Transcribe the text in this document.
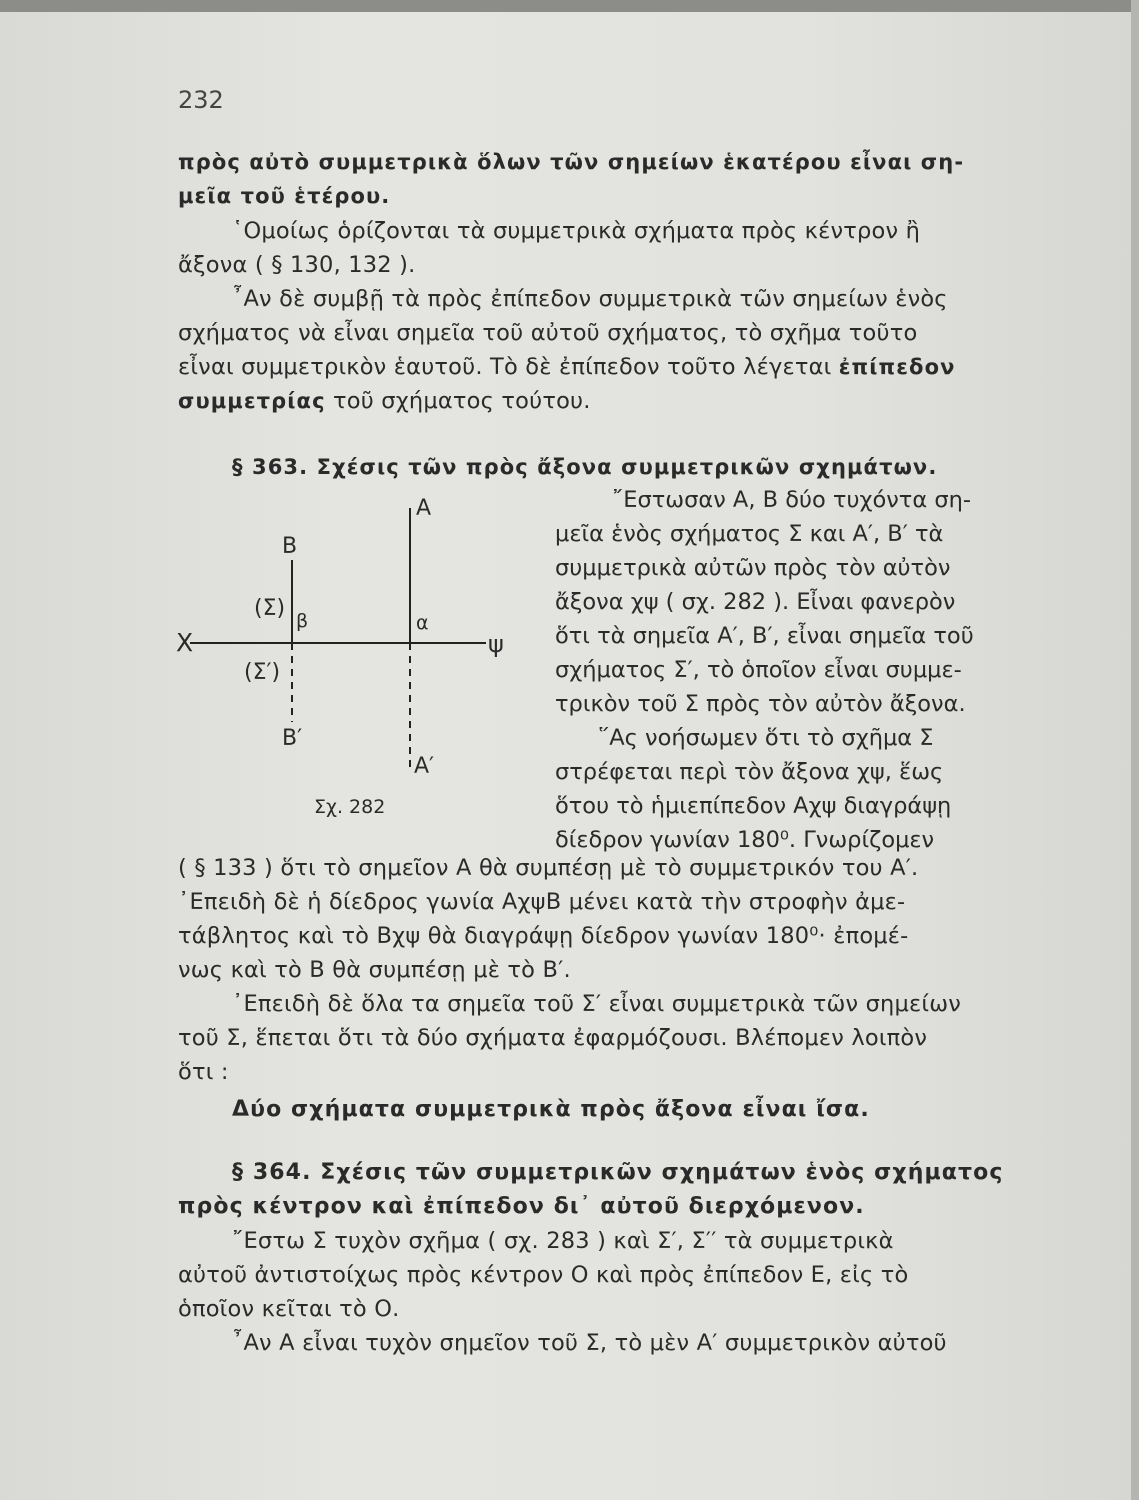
232
πρὸς αὐτὸ συμμετρικὰ ὅλων τῶν σημείων ἑκατέρου εἶναι ση-
μεῖα τοῦ ἑτέρου.
῾Ομοίως ὁρίζονται τὰ συμμετρικὰ σχήματα πρὸς κέντρον ἢ
ἄξονα ( § 130, 132 ).
῏Αν δὲ συμβῇ τὰ πρὸς ἐπίπεδον συμμετρικὰ τῶν σημείων ἑνὸς
σχήματος νὰ εἶναι σημεῖα τοῦ αὐτοῦ σχήματος, τὸ σχῆμα τοῦτο
εἶναι συμμετρικὸν ἑαυτοῦ. Τὸ δὲ ἐπίπεδον τοῦτο λέγεται ἐπίπεδον
συμμετρίας τοῦ σχήματος τούτου.
§ 363. Σχέσις τῶν πρὸς ἄξονα συμμετρικῶν σχημάτων.
῎Εστωσαν Α, Β δύο τυχόντα ση-
μεῖα ἑνὸς σχήματος Σ και Α′, Β′ τὰ
συμμετρικὰ αὐτῶν πρὸς τὸν αὐτὸν
ἄξονα χψ ( σχ. 282 ). Εἶναι φανερὸν
ὅτι τὰ σημεῖα Α′, Β′, εἶναι σημεῖα τοῦ
σχήματος Σ′, τὸ ὁποῖον εἶναι συμμε-
τρικὸν τοῦ Σ πρὸς τὸν αὐτὸν ἄξονα.
῞Ας νοήσωμεν ὅτι τὸ σχῆμα Σ
στρέφεται περὶ τὸν ἄξονα χψ, ἕως
ὅτου τὸ ἡμιεπίπεδον Αχψ διαγράψῃ
δίεδρον γωνίαν 180⁰. Γνωρίζομεν
Α
Β
(Σ) β
Χ
α
ψ
(Σ′)
Β′
Α′
Σχ. 282
( § 133 ) ὅτι τὸ σημεῖον Α θὰ συμπέσῃ μὲ τὸ συμμετρικόν του Α′.
᾿Επειδὴ δὲ ἡ δίεδρος γωνία ΑχψΒ μένει κατὰ τὴν στροφὴν ἀμε-
τάβλητος καὶ τὸ Βχψ θὰ διαγράψῃ δίεδρον γωνίαν 180⁰· ἐπομέ-
νως καὶ τὸ Β θὰ συμπέσῃ μὲ τὸ Β′.
᾿Επειδὴ δὲ ὅλα τα σημεῖα τοῦ Σ′ εἶναι συμμετρικὰ τῶν σημείων
τοῦ Σ, ἕπεται ὅτι τὰ δύο σχήματα ἐφαρμόζουσι. Βλέπομεν λοιπὸν
ὅτι :
Δύο σχήματα συμμετρικὰ πρὸς ἄξονα εἶναι ἴσα.
§ 364. Σχέσις τῶν συμμετρικῶν σχημάτων ἑνὸς σχήματος
πρὸς κέντρον καὶ ἐπίπεδον δι᾿ αὐτοῦ διερχόμενον.
῎Εστω Σ τυχὸν σχῆμα ( σχ. 283 ) καὶ Σ′, Σ′′ τὰ συμμετρικὰ
αὐτοῦ ἀντιστοίχως πρὸς κέντρον Ο καὶ πρὸς ἐπίπεδον Ε, εἰς τὸ
ὁποῖον κεῖται τὸ Ο.
῏Αν Α εἶναι τυχὸν σημεῖον τοῦ Σ, τὸ μὲν Α′ συμμετρικὸν αὐτοῦ
